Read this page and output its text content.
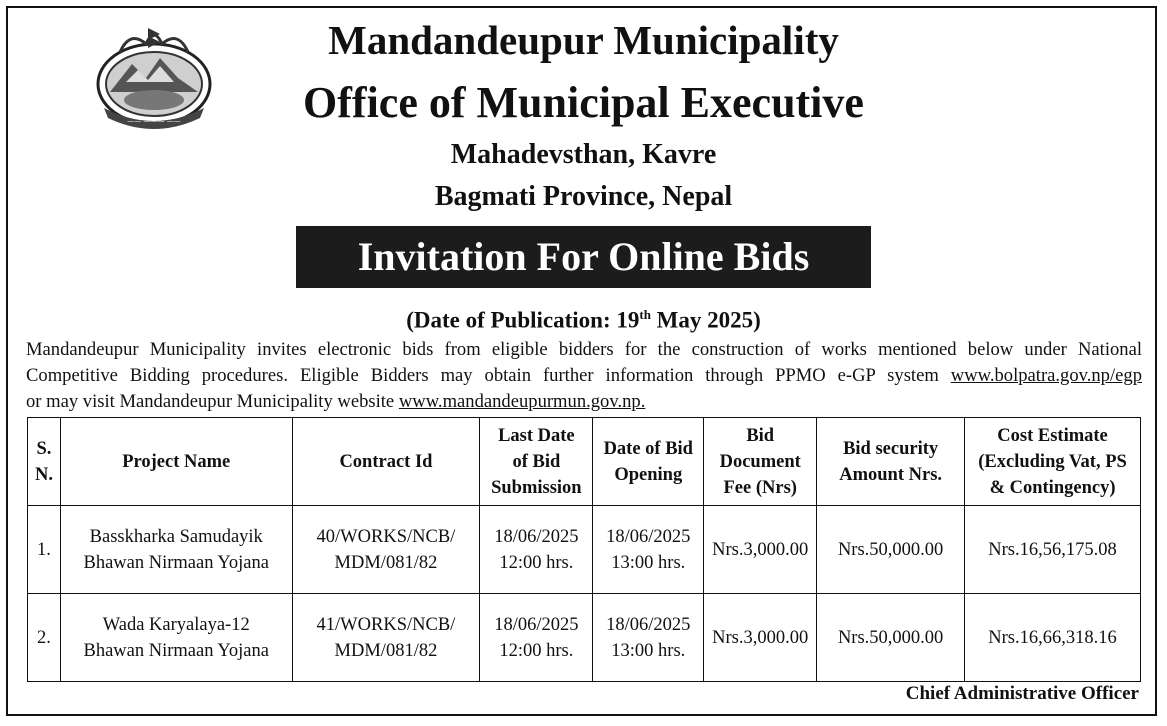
—— ——— ——
Mandandeupur Municipality
Office of Municipal Executive
Mahadevsthan, Kavre
Bagmati Province, Nepal
Invitation For Online Bids
(Date of Publication: 19th May 2025)
Mandandeupur Municipality invites electronic bids from eligible bidders for the construction of works mentioned below under National
Competitive Bidding procedures. Eligible Bidders may obtain further information through PPMO e-GP system www.bolpatra.gov.np/egp
or may visit Mandandeupur Municipality website www.mandandeupurmun.gov.np.
S.
N.	Project Name	Contract Id	Last Date
of Bid
Submission	Date of Bid
Opening	Bid
Document
Fee (Nrs)	Bid security
Amount Nrs.	Cost Estimate
(Excluding Vat, PS
& Contingency)
1.	Basskharka Samudayik
Bhawan Nirmaan Yojana	40/WORKS/NCB/
MDM/081/82	18/06/2025
12:00 hrs.	18/06/2025
13:00 hrs.	Nrs.3,000.00	Nrs.50,000.00	Nrs.16,56,175.08
2.	Wada Karyalaya-12
Bhawan Nirmaan Yojana	41/WORKS/NCB/
MDM/081/82	18/06/2025
12:00 hrs.	18/06/2025
13:00 hrs.	Nrs.3,000.00	Nrs.50,000.00	Nrs.16,66,318.16
Chief Administrative Officer
